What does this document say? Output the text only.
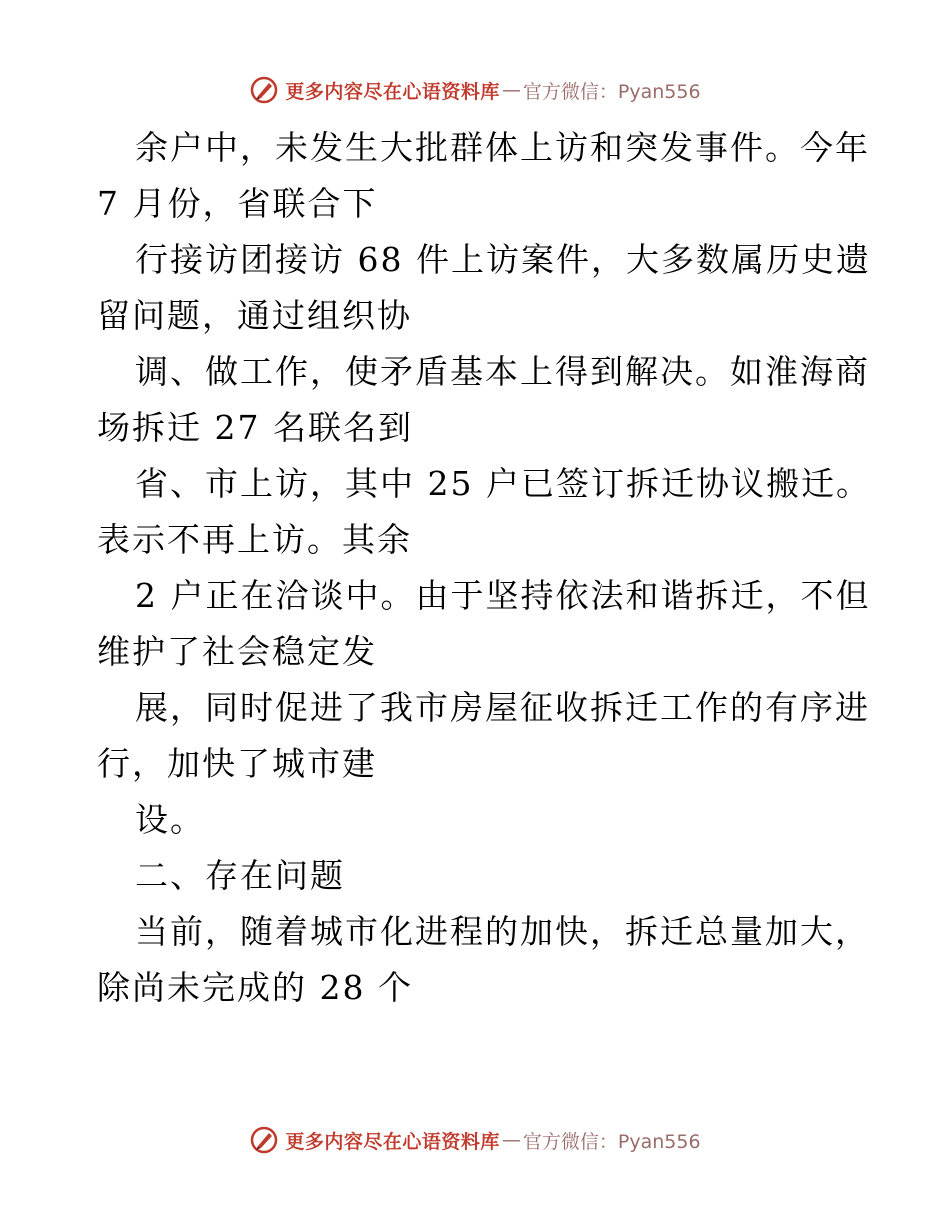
更多内容尽在心语资料库 — 官方微信：Pyan556

余户中，未发生大批群体上访和突发事件。今年

7 月份，省联合下

行接访团接访 68 件上访案件，大多数属历史遗

留问题，通过组织协

调、做工作，使矛盾基本上得到解决。如淮海商

场拆迁 27 名联名到

省、市上访，其中 25 户已签订拆迁协议搬迁。

表示不再上访。其余

2 户正在洽谈中。由于坚持依法和谐拆迁，不但

维护了社会稳定发

展，同时促进了我市房屋征收拆迁工作的有序进

行，加快了城市建

设。

二、存在问题

当前，随着城市化进程的加快，拆迁总量加大，

除尚未完成的 28 个

更多内容尽在心语资料库 — 官方微信：Pyan556
